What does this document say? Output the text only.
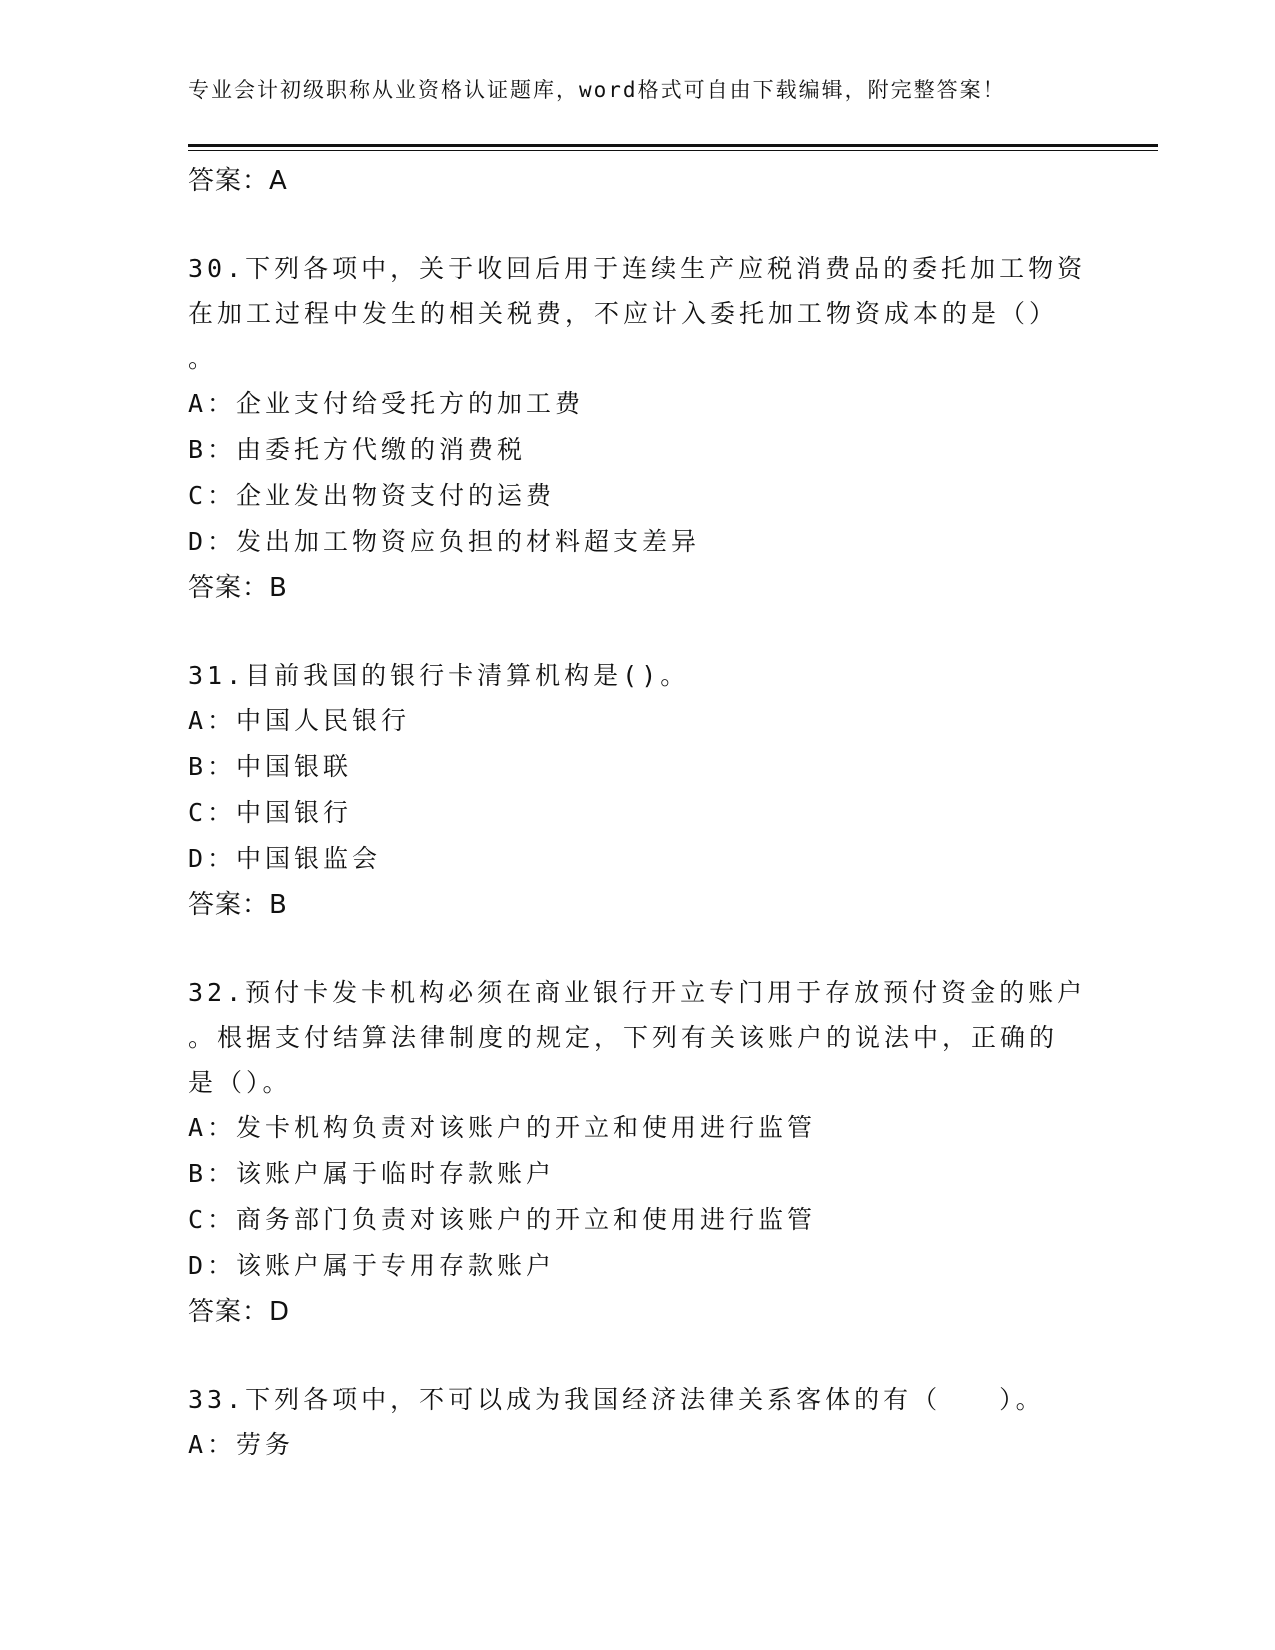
专业会计初级职称从业资格认证题库，word格式可自由下载编辑，附完整答案！
答案：A
30.下列各项中，关于收回后用于连续生产应税消费品的委托加工物资
在加工过程中发生的相关税费，不应计入委托加工物资成本的是（）
。
A：企业支付给受托方的加工费
B：由委托方代缴的消费税
C：企业发出物资支付的运费
D：发出加工物资应负担的材料超支差异
答案：B
31.目前我国的银行卡清算机构是()。
A：中国人民银行
B：中国银联
C：中国银行
D：中国银监会
答案：B
32.预付卡发卡机构必须在商业银行开立专门用于存放预付资金的账户
。根据支付结算法律制度的规定，下列有关该账户的说法中，正确的
是（）。
A：发卡机构负责对该账户的开立和使用进行监管
B：该账户属于临时存款账户
C：商务部门负责对该账户的开立和使用进行监管
D：该账户属于专用存款账户
答案：D
33.下列各项中，不可以成为我国经济法律关系客体的有（　　）。
A：劳务
